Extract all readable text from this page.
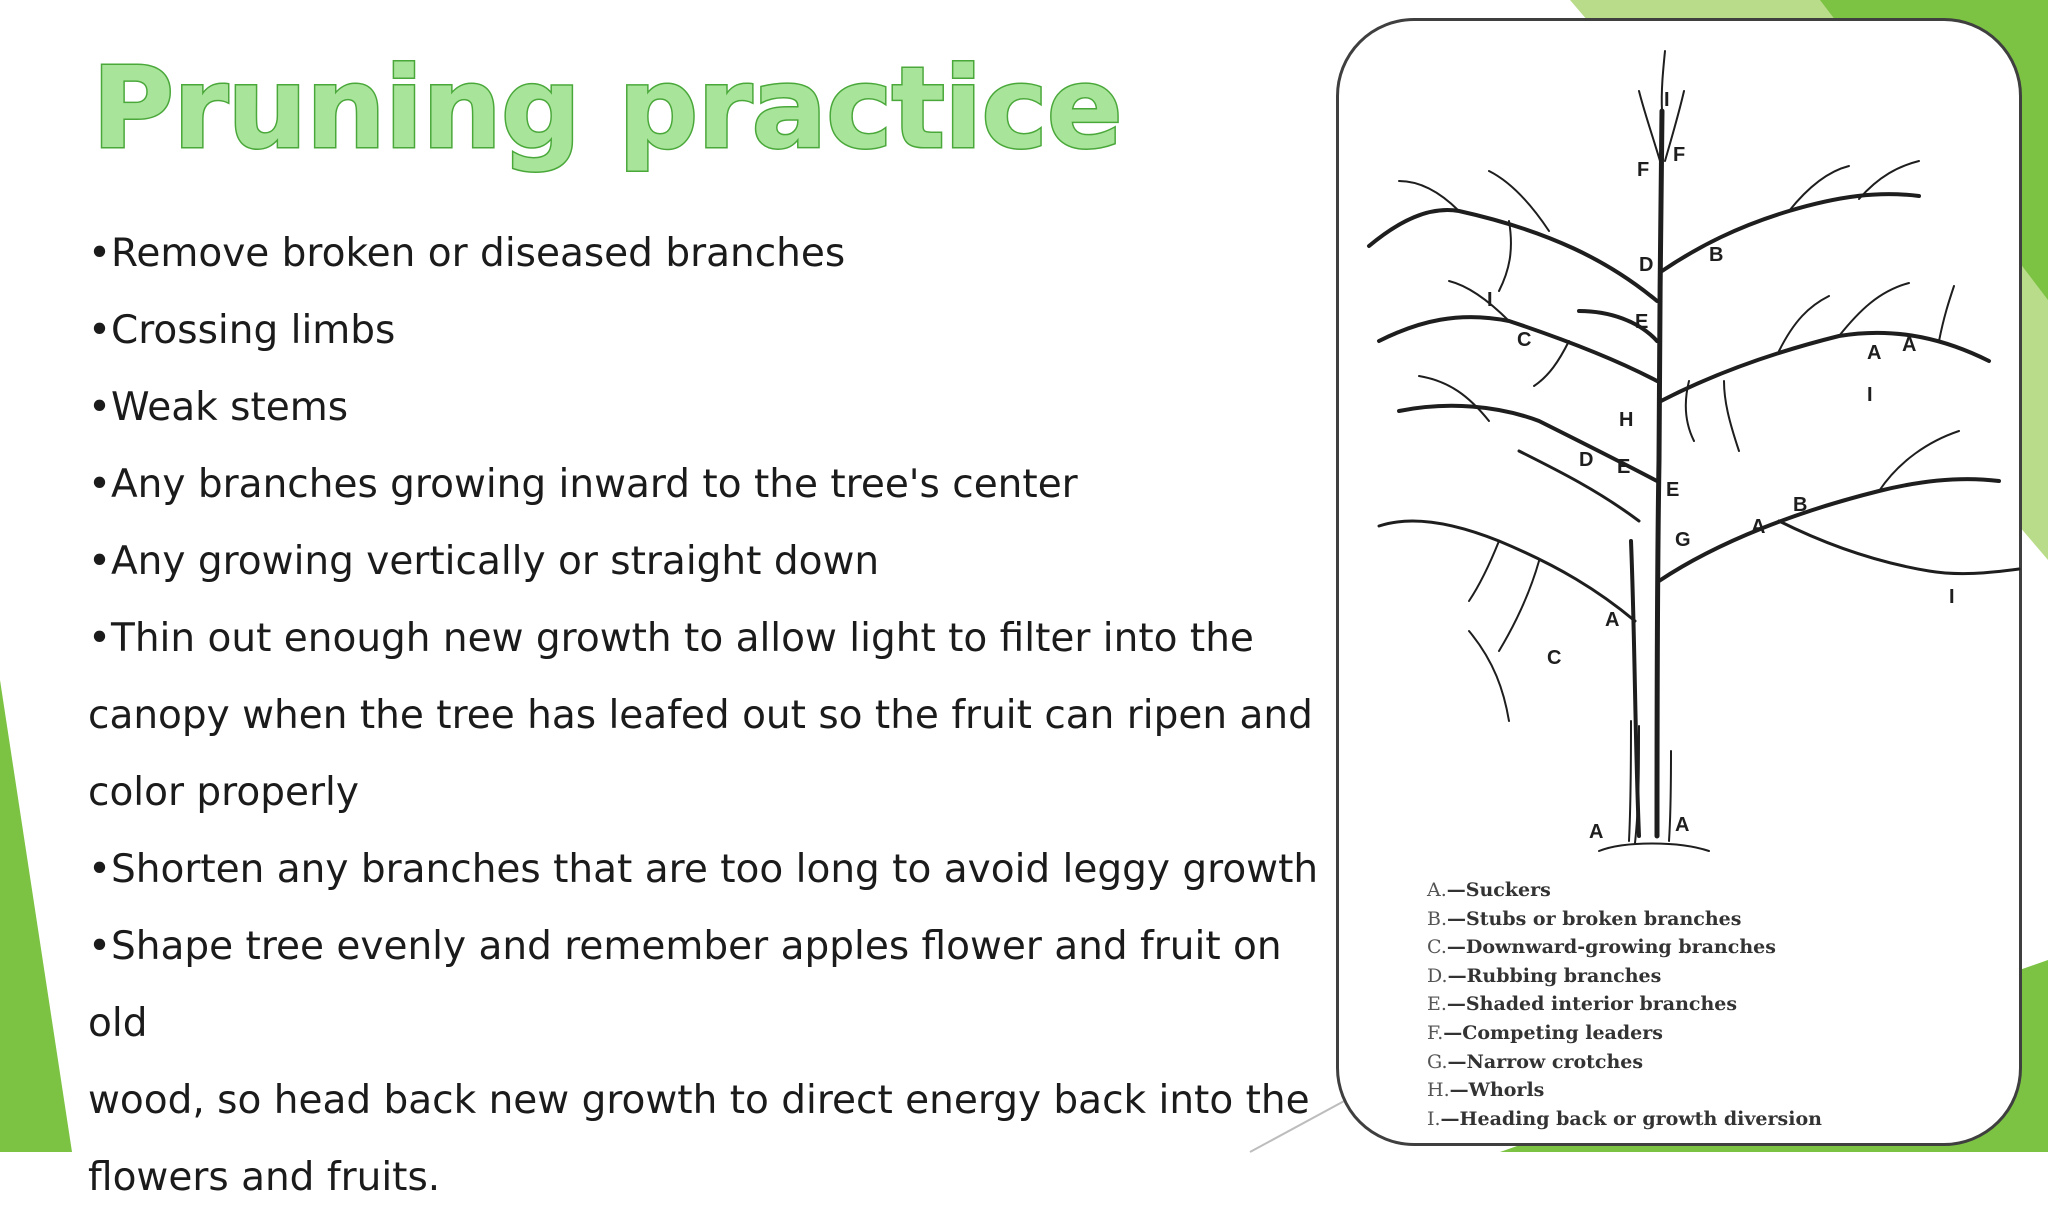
Pruning practice
•Remove broken or diseased branches
•Crossing limbs
•Weak stems
•Any branches growing inward to the tree's center
•Any growing vertically or straight down
•Thin out enough new growth to allow light to filter into the
canopy when the tree has leafed out so the fruit can ripen and
color properly
•Shorten any branches that are too long to avoid leggy growth
•Shape tree evenly and remember apples flower and fruit on old
wood, so head back new growth to direct energy back into the
flowers and fruits.
I
F
F
D	B
I
E
C
A A
I
H
D E
E
B
A
G
I
A
C
A	A
A.—Suckers
B.—Stubs or broken branches
C.—Downward-growing branches
D.—Rubbing branches
E.—Shaded interior branches
F.—Competing leaders
G.—Narrow crotches
H.—Whorls
I.—Heading back or growth diversion
